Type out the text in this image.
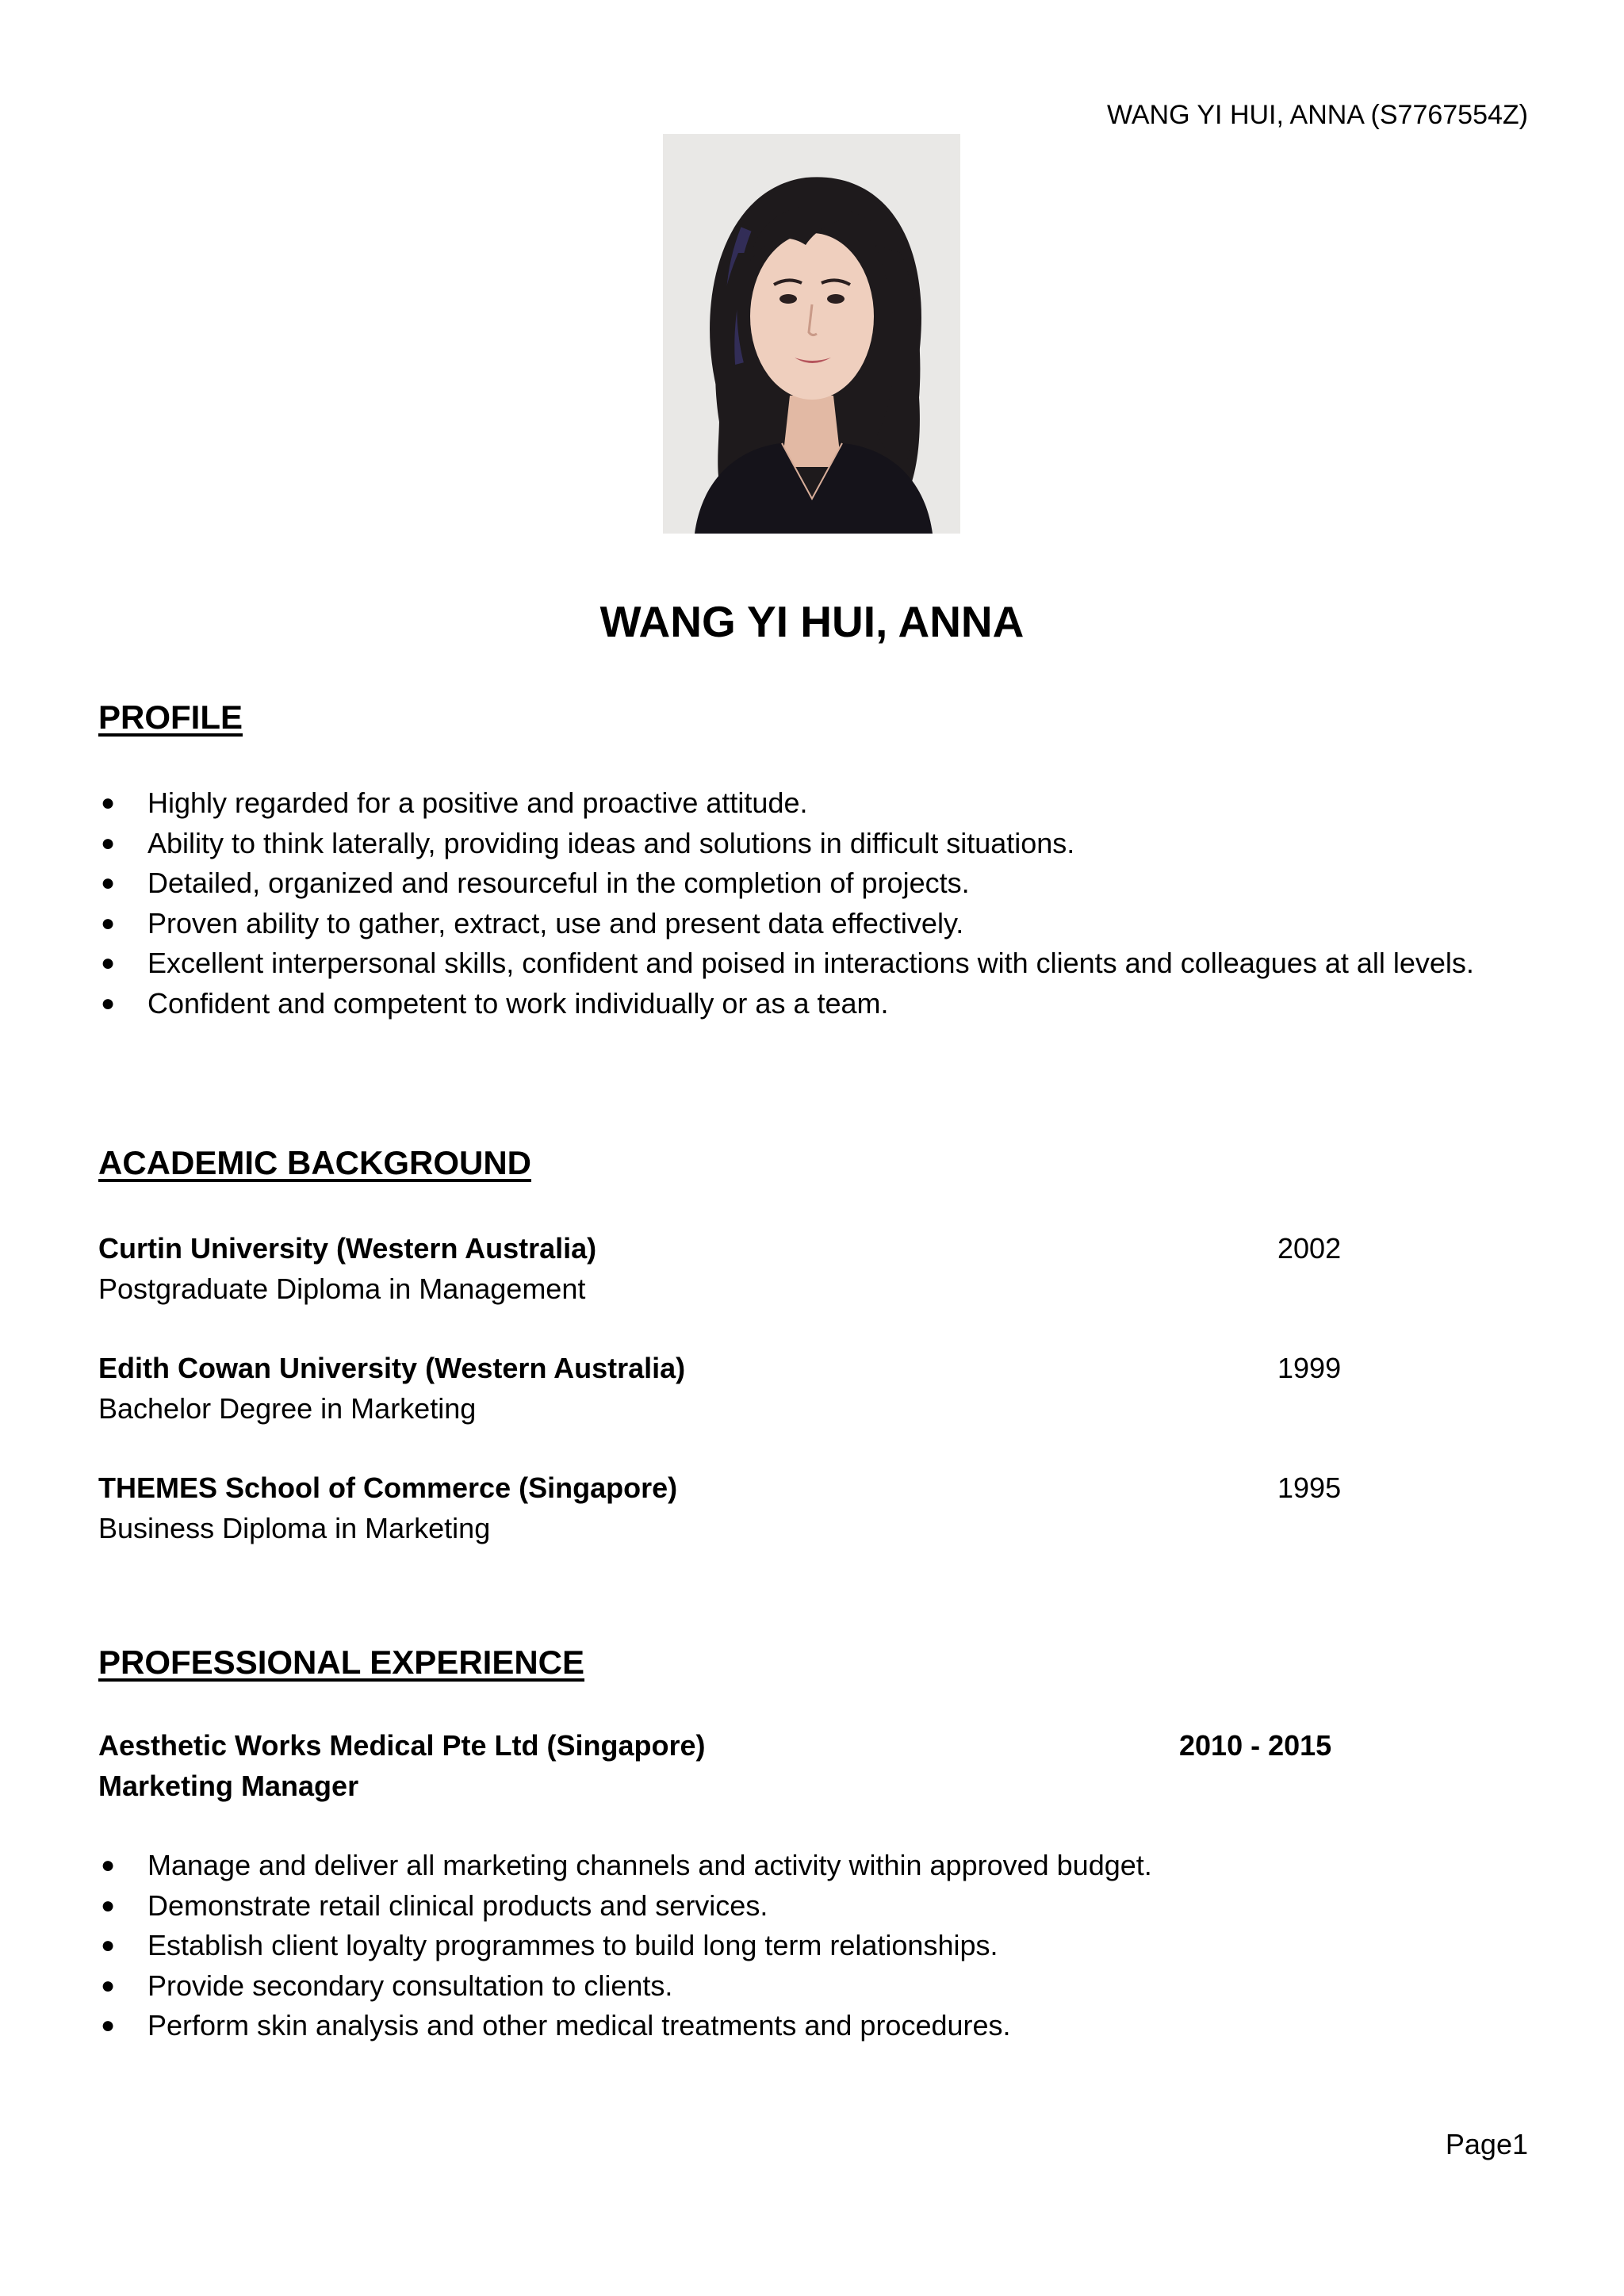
WANG YI HUI, ANNA (S7767554Z)
WANG YI HUI, ANNA
PROFILE
● Highly regarded for a positive and proactive attitude.
● Ability to think laterally, providing ideas and solutions in difficult situations.
● Detailed, organized and resourceful in the completion of projects.
● Proven ability to gather, extract, use and present data effectively.
● Excellent interpersonal skills, confident and poised in interactions with clients and colleagues at all levels.
● Confident and competent to work individually or as a team.
ACADEMIC BACKGROUND
Curtin University (Western Australia)
Postgraduate Diploma in Management
2002
Edith Cowan University (Western Australia)
Bachelor Degree in Marketing
1999
THEMES School of Commerce (Singapore)
Business Diploma in Marketing
1995
PROFESSIONAL EXPERIENCE
Aesthetic Works Medical Pte Ltd (Singapore)
Marketing Manager
2010 - 2015
● Manage and deliver all marketing channels and activity within approved budget.
● Demonstrate retail clinical products and services.
● Establish client loyalty programmes to build long term relationships.
● Provide secondary consultation to clients.
● Perform skin analysis and other medical treatments and procedures.
Page1
